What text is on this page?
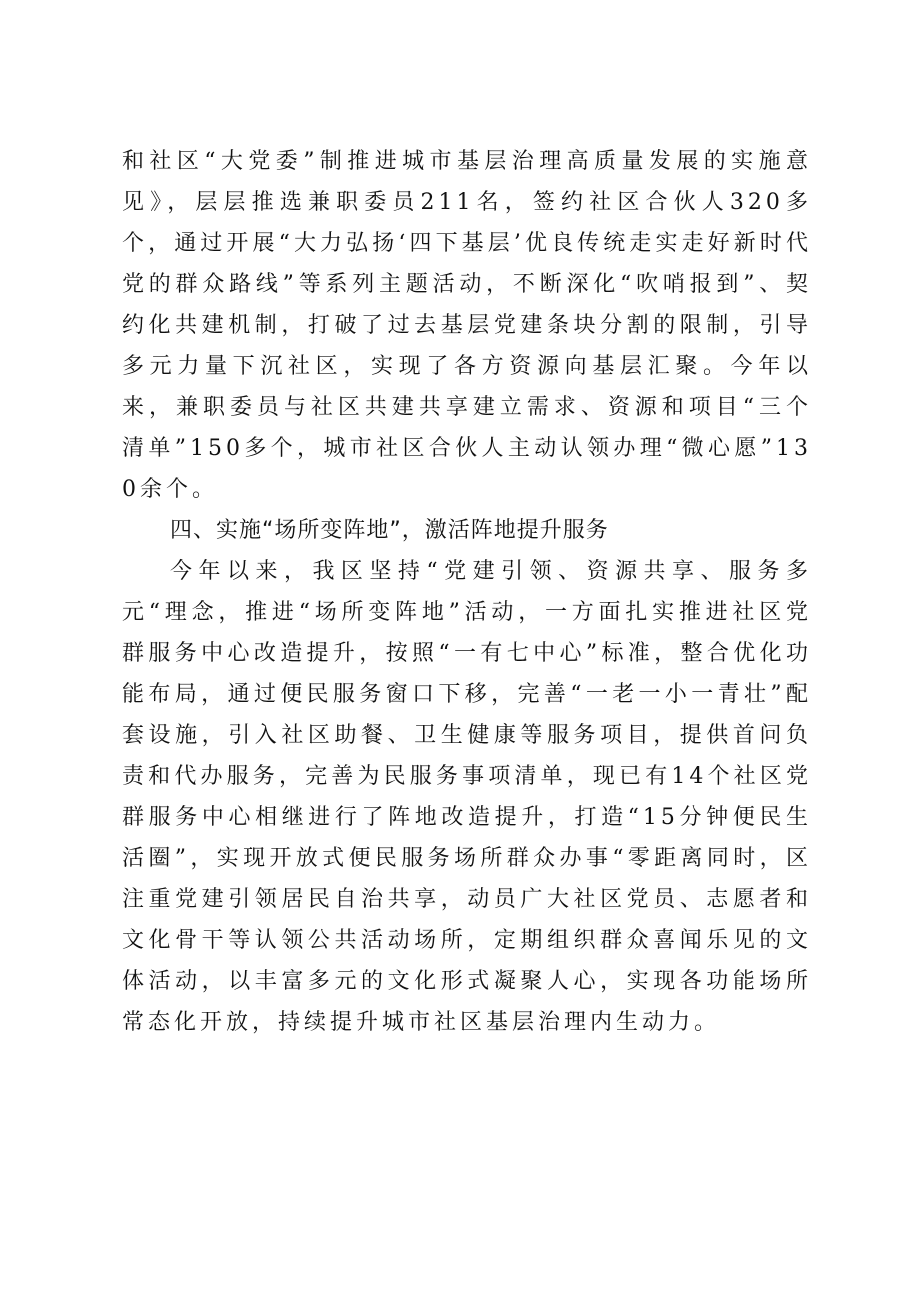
和社区“大党委”制推进城市基层治理高质量发展的实施意见》，层层推选兼职委员211名，签约社区合伙人320多个，通过开展“大力弘扬‘四下基层’优良传统走实走好新时代党的群众路线”等系列主题活动，不断深化“吹哨报到”、契约化共建机制，打破了过去基层党建条块分割的限制，引导多元力量下沉社区，实现了各方资源向基层汇聚。今年以来，兼职委员与社区共建共享建立需求、资源和项目“三个清单”150多个，城市社区合伙人主动认领办理“微心愿”130余个。

四、实施“场所变阵地”，激活阵地提升服务

今年以来，我区坚持“党建引领、资源共享、服务多元“理念，推进“场所变阵地”活动，一方面扎实推进社区党群服务中心改造提升，按照“一有七中心”标准，整合优化功能布局，通过便民服务窗口下移，完善“一老一小一青壮”配套设施，引入社区助餐、卫生健康等服务项目，提供首问负责和代办服务，完善为民服务事项清单，现已有14个社区党群服务中心相继进行了阵地改造提升，打造“15分钟便民生活圈”，实现开放式便民服务场所群众办事“零距离同时，区注重党建引领居民自治共享，动员广大社区党员、志愿者和文化骨干等认领公共活动场所，定期组织群众喜闻乐见的文体活动，以丰富多元的文化形式凝聚人心，实现各功能场所常态化开放，持续提升城市社区基层治理内生动力。
